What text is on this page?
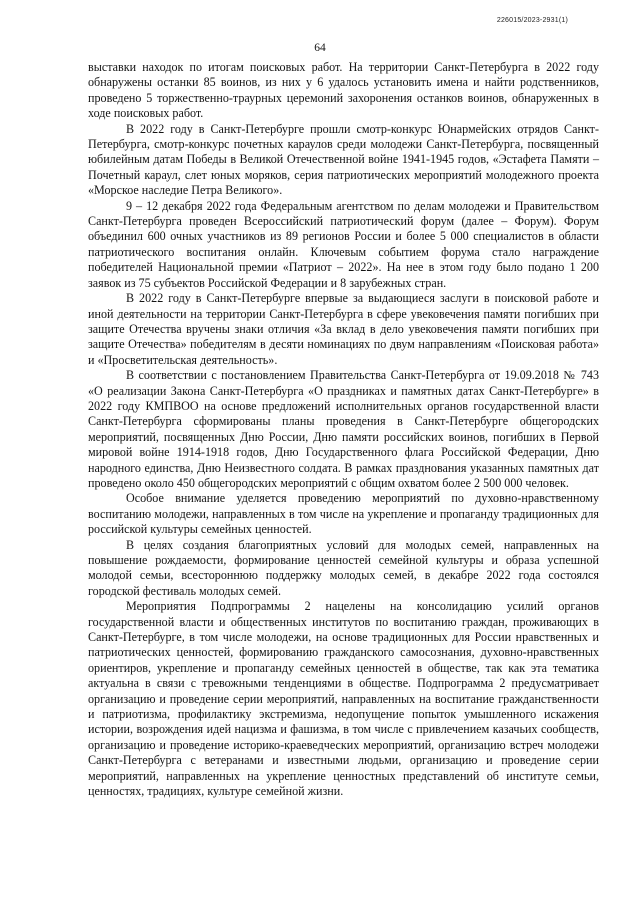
226015/2023-2931(1)
64

выставки находок по итогам поисковых работ. На территории Санкт-Петербурга в 2022 году обнаружены останки 85 воинов, из них у 6 удалось установить имена и найти родственников, проведено 5 торжественно-траурных церемоний захоронения останков воинов, обнаруженных в ходе поисковых работ.

В 2022 году в Санкт-Петербурге прошли смотр-конкурс Юнармейских отрядов Санкт-Петербурга, смотр-конкурс почетных караулов среди молодежи Санкт-Петербурга, посвященный юбилейным датам Победы в Великой Отечественной войне 1941-1945 годов, «Эстафета Памяти – Почетный караул, слет юных моряков, серия патриотических мероприятий молодежного проекта «Морское наследие Петра Великого».

9 – 12 декабря 2022 года Федеральным агентством по делам молодежи и Правительством Санкт-Петербурга проведен Всероссийский патриотический форум (далее – Форум). Форум объединил 600 очных участников из 89 регионов России и более 5 000 специалистов в области патриотического воспитания онлайн. Ключевым событием форума стало награждение победителей Национальной премии «Патриот – 2022». На нее в этом году было подано 1 200 заявок из 75 субъектов Российской Федерации и 8 зарубежных стран.

В 2022 году в Санкт-Петербурге впервые за выдающиеся заслуги в поисковой работе и иной деятельности на территории Санкт-Петербурга в сфере увековечения памяти погибших при защите Отечества вручены знаки отличия «За вклад в дело увековечения памяти погибших при защите Отечества» победителям в десяти номинациях по двум направлениям «Поисковая работа» и «Просветительская деятельность».

В соответствии с постановлением Правительства Санкт-Петербурга от 19.09.2018 № 743 «О реализации Закона Санкт-Петербурга «О праздниках и памятных датах Санкт-Петербурге» в 2022 году КМПВОО на основе предложений исполнительных органов государственной власти Санкт-Петербурга сформированы планы проведения в Санкт-Петербурге общегородских мероприятий, посвященных Дню России, Дню памяти российских воинов, погибших в Первой мировой войне 1914-1918 годов, Дню Государственного флага Российской Федерации, Дню народного единства, Дню Неизвестного солдата. В рамках празднования указанных памятных дат проведено около 450 общегородских мероприятий с общим охватом более 2 500 000 человек.

Особое внимание уделяется проведению мероприятий по духовно-нравственному воспитанию молодежи, направленных в том числе на укрепление и пропаганду традиционных для российской культуры семейных ценностей.

В целях создания благоприятных условий для молодых семей, направленных на повышение рождаемости, формирование ценностей семейной культуры и образа успешной молодой семьи, всестороннюю поддержку молодых семей, в декабре 2022 года состоялся городской фестиваль молодых семей.

Мероприятия Подпрограммы 2 нацелены на консолидацию усилий органов государственной власти и общественных институтов по воспитанию граждан, проживающих в Санкт-Петербурге, в том числе молодежи, на основе традиционных для России нравственных и патриотических ценностей, формированию гражданского самосознания, духовно-нравственных ориентиров, укрепление и пропаганду семейных ценностей в обществе, так как эта тематика актуальна в связи с тревожными тенденциями в обществе. Подпрограмма 2 предусматривает организацию и проведение серии мероприятий, направленных на воспитание гражданственности и патриотизма, профилактику экстремизма, недопущение попыток умышленного искажения истории, возрождения идей нацизма и фашизма, в том числе с привлечением казачьих сообществ, организацию и проведение историко-краеведческих мероприятий, организацию встреч молодежи Санкт-Петербурга с ветеранами и известными людьми, организацию и проведение серии мероприятий, направленных на укрепление ценностных представлений об институте семьи, ценностях, традициях, культуре семейной жизни.
